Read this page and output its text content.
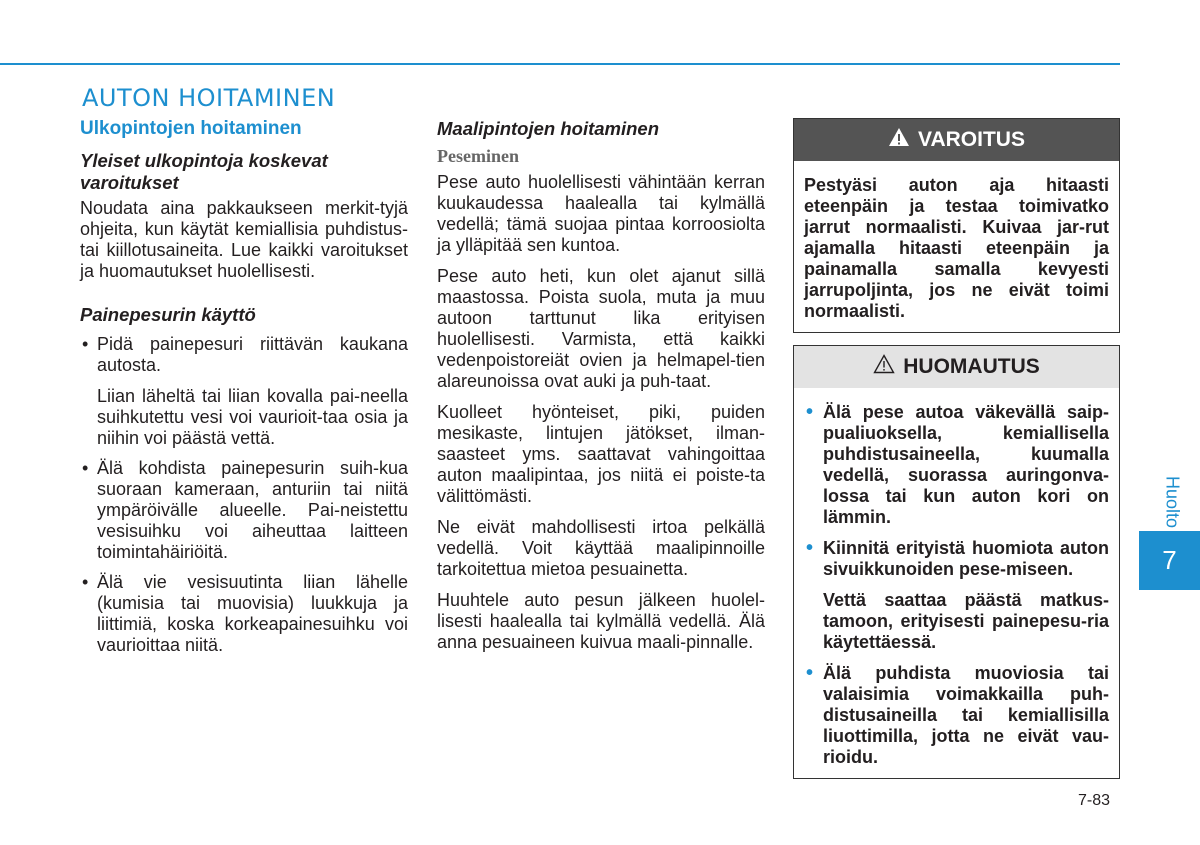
AUTON HOITAMINEN
Ulkopintojen hoitaminen
Yleiset ulkopintoja koskevat varoitukset

Noudata aina pakkaukseen merkit-tyjä ohjeita, kun käytät kemiallisia puhdistus- tai kiillotusaineita. Lue kaikki varoitukset ja huomautukset huolellisesti.

Painepesurin käyttö
• Pidä painepesuri riittävän kaukana autosta.
Liian läheltä tai liian kovalla pai-neella suihkutettu vesi voi vaurioit-taa osia ja niihin voi päästä vettä.
• Älä kohdista painepesurin suih-kua suoraan kameraan, anturiin tai niitä ympäröivälle alueelle. Pai-neistettu vesisuihku voi aiheuttaa laitteen toimintahäiriöitä.
• Älä vie vesisuutinta liian lähelle (kumisia tai muovisia) luukkuja ja liittimiä, koska korkeapainesuihku voi vaurioittaa niitä.
Maalipintojen hoitaminen
Peseminen

Pese auto huolellisesti vähintään kerran kuukaudessa haalealla tai kylmällä vedellä; tämä suojaa pintaa korroosiolta ja ylläpitää sen kuntoa.

Pese auto heti, kun olet ajanut sillä maastossa. Poista suola, muta ja muu autoon tarttunut lika erityisen huolellisesti. Varmista, että kaikki vedenpoistoreiät ovien ja helmapel-tien alareunoissa ovat auki ja puh-taat.

Kuolleet hyönteiset, piki, puiden mesikaste, lintujen jätökset, ilman-saasteet yms. saattavat vahingoittaa auton maalipintaa, jos niitä ei poiste-ta välittömästi.

Ne eivät mahdollisesti irtoa pelkällä vedellä. Voit käyttää maalipinnoille tarkoitettua mietoa pesuainetta.

Huuhtele auto pesun jälkeen huolel-lisesti haalealla tai kylmällä vedellä. Älä anna pesuaineen kuivua maali-pinnalle.

VAROITUS

Pestyäsi auton aja hitaasti eteenpäin ja testaa toimivatko jarrut normaalisti. Kuivaa jar-rut ajamalla hitaasti eteenpäin ja painamalla samalla kevyesti jarrupoljinta, jos ne eivät toimi normaalisti.

HUOMAUTUS
• Älä pese autoa väkevällä saip-pualiuoksella, kemiallisella puhdistusaineella, kuumalla vedellä, suorassa auringonva-lossa tai kun auton kori on lämmin.
• Kiinnitä erityistä huomiota auton sivuikkunoiden pese-miseen.
Vettä saattaa päästä matkus-tamoon, erityisesti painepesu-ria käytettäessä.
• Älä puhdista muoviosia tai valaisimia voimakkailla puh-distusaineilla tai kemiallisilla liuottimilla, jotta ne eivät vau-rioidu.
Huolto
7
7-83
